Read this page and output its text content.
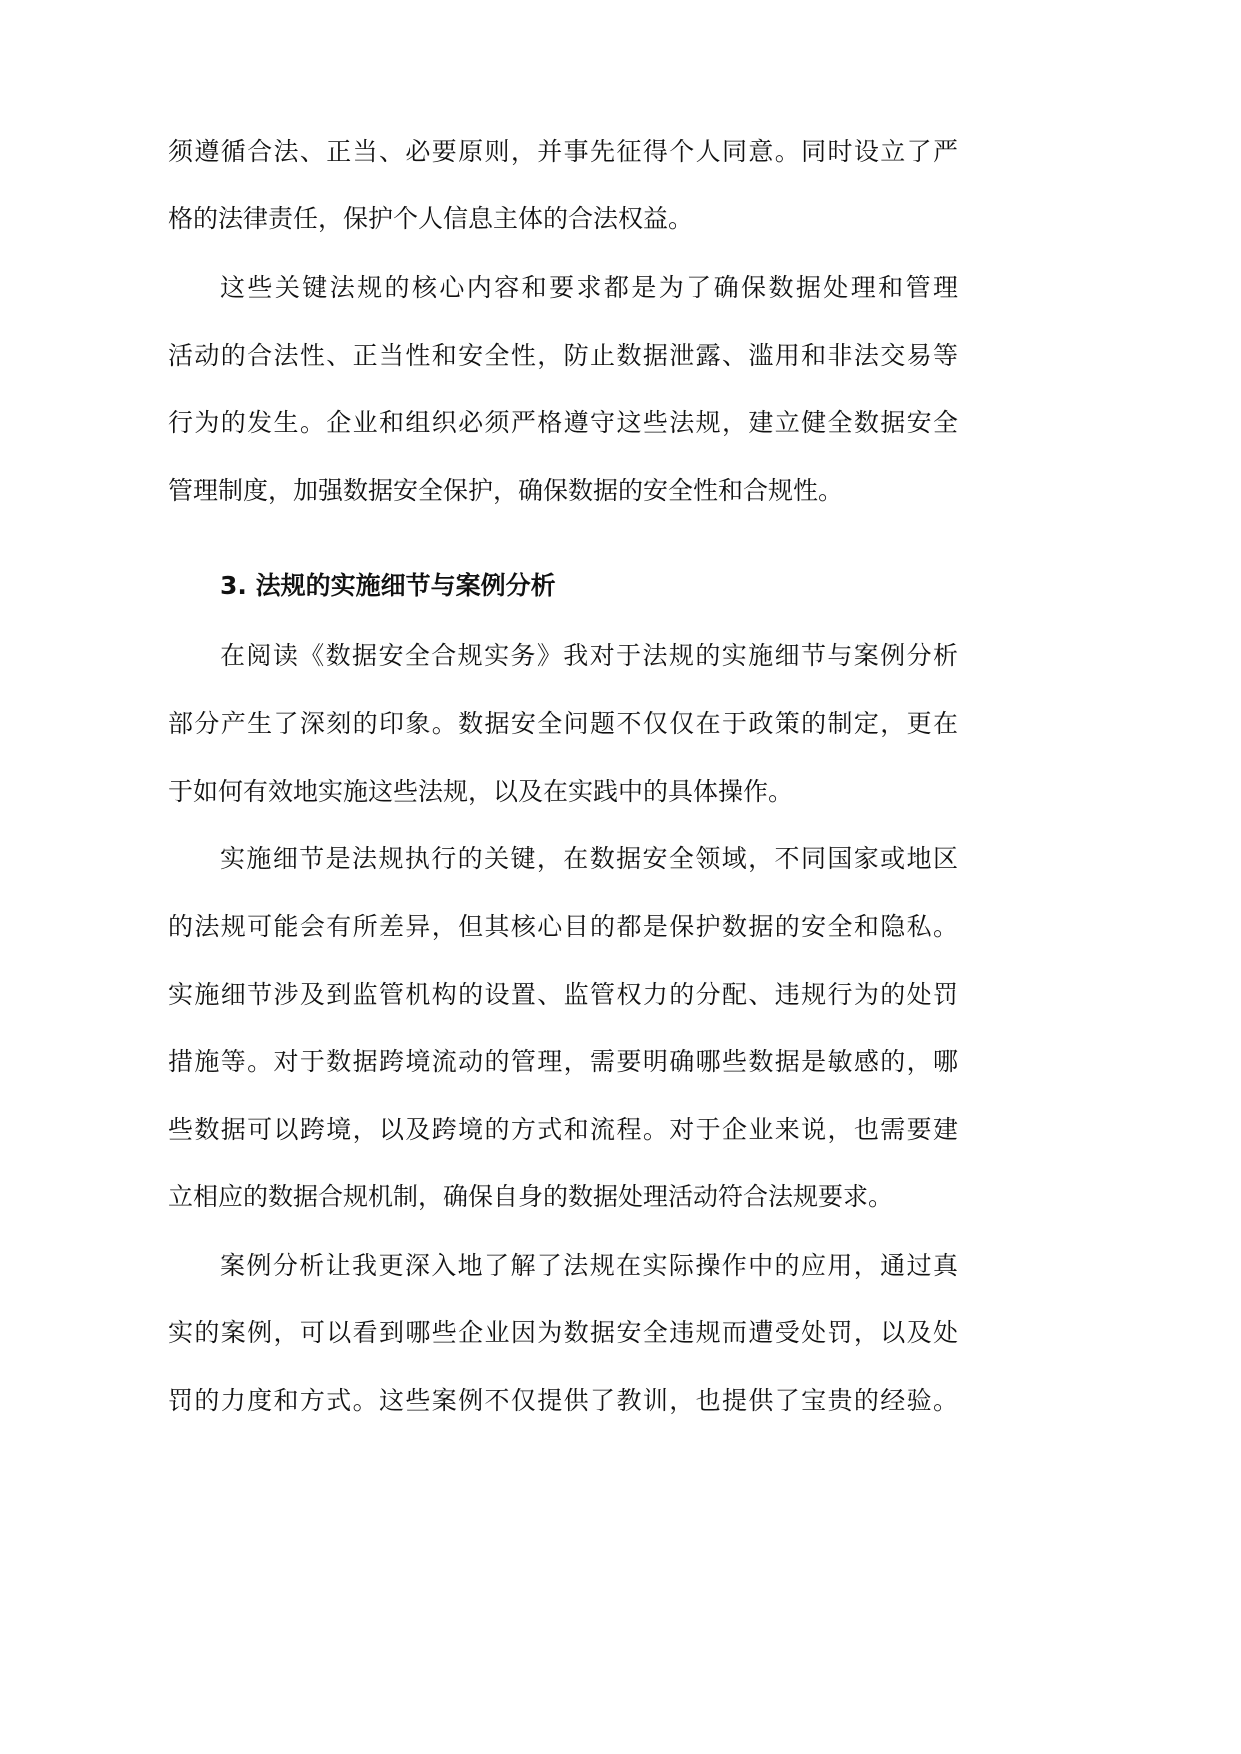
须遵循合法、正当、必要原则，并事先征得个人同意。同时设立了严
格的法律责任，保护个人信息主体的合法权益。
这些关键法规的核心内容和要求都是为了确保数据处理和管理
活动的合法性、正当性和安全性，防止数据泄露、滥用和非法交易等
行为的发生。企业和组织必须严格遵守这些法规，建立健全数据安全
管理制度，加强数据安全保护，确保数据的安全性和合规性。
3. 法规的实施细节与案例分析
在阅读《数据安全合规实务》我对于法规的实施细节与案例分析
部分产生了深刻的印象。数据安全问题不仅仅在于政策的制定，更在
于如何有效地实施这些法规，以及在实践中的具体操作。
实施细节是法规执行的关键，在数据安全领域，不同国家或地区
的法规可能会有所差异，但其核心目的都是保护数据的安全和隐私。
实施细节涉及到监管机构的设置、监管权力的分配、违规行为的处罚
措施等。对于数据跨境流动的管理，需要明确哪些数据是敏感的，哪
些数据可以跨境，以及跨境的方式和流程。对于企业来说，也需要建
立相应的数据合规机制，确保自身的数据处理活动符合法规要求。
案例分析让我更深入地了解了法规在实际操作中的应用，通过真
实的案例，可以看到哪些企业因为数据安全违规而遭受处罚，以及处
罚的力度和方式。这些案例不仅提供了教训，也提供了宝贵的经验。
